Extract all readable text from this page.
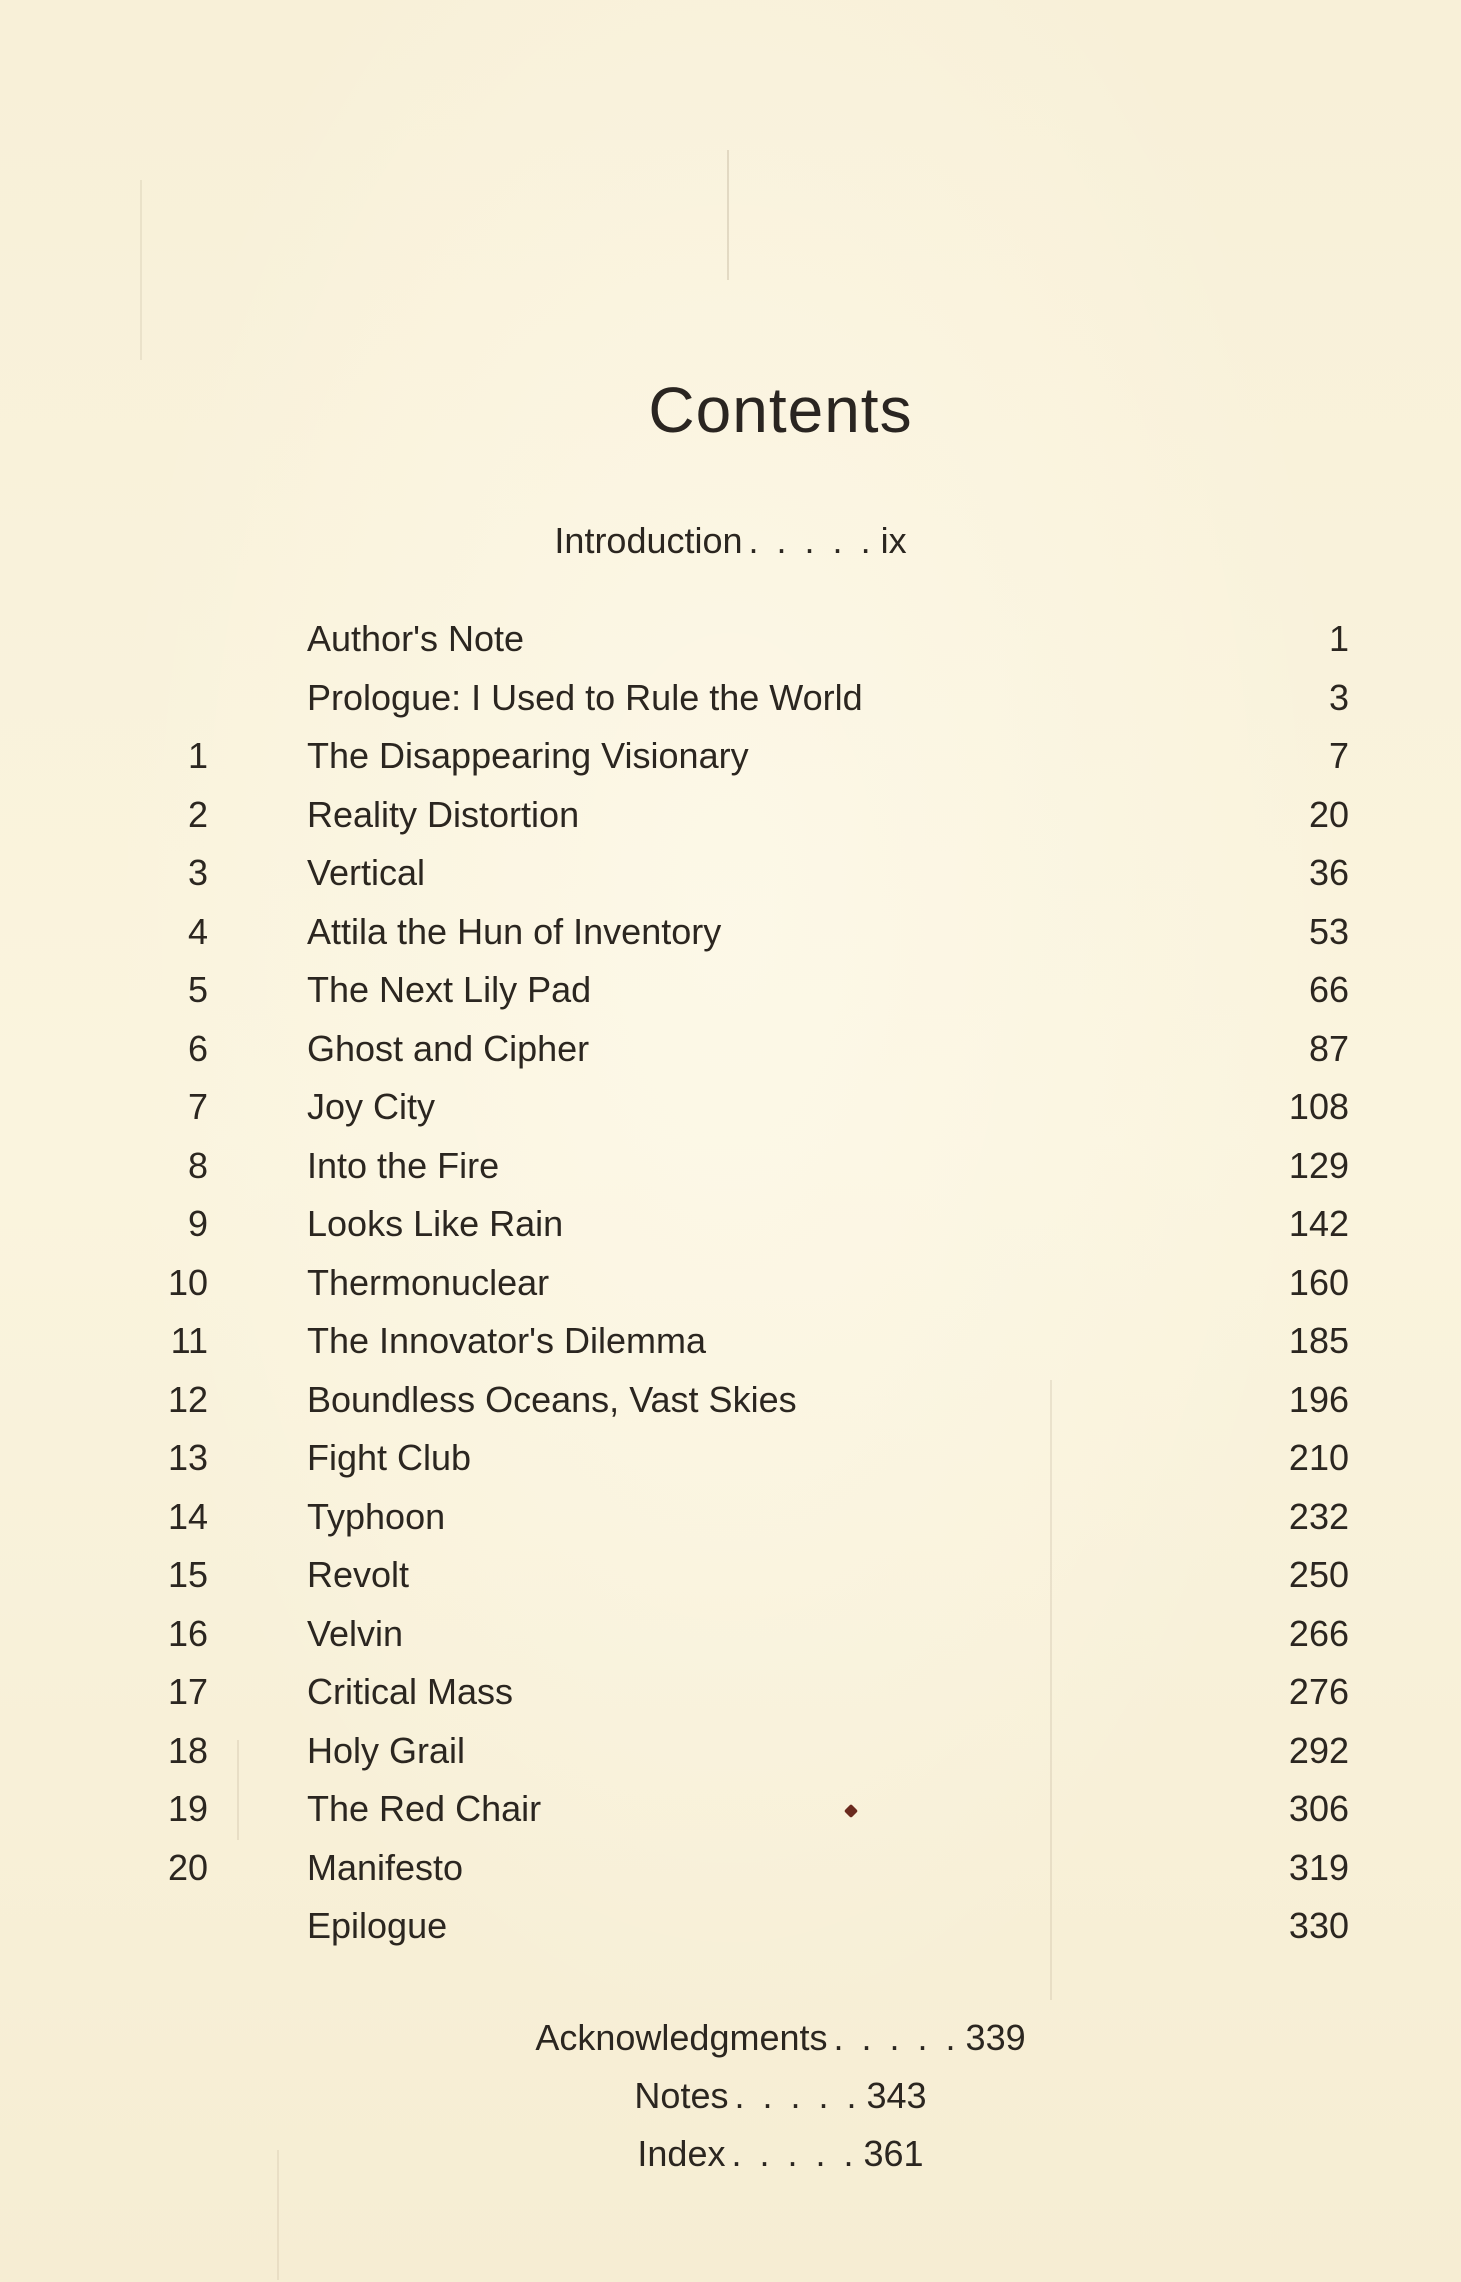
Contents
Introduction . . . . . ix
Author's Note	1
Prologue: I Used to Rule the World	3
1	The Disappearing Visionary	7
2	Reality Distortion	20
3	Vertical	36
4	Attila the Hun of Inventory	53
5	The Next Lily Pad	66
6	Ghost and Cipher	87
7	Joy City	108
8	Into the Fire	129
9	Looks Like Rain	142
10	Thermonuclear	160
11	The Innovator's Dilemma	185
12	Boundless Oceans, Vast Skies	196
13	Fight Club	210
14	Typhoon	232
15	Revolt	250
16	Velvin	266
17	Critical Mass	276
18	Holy Grail	292
19	The Red Chair	306
20	Manifesto	319
Epilogue	330
Acknowledgments . . . . . 339
Notes . . . . . 343
Index . . . . . 361
